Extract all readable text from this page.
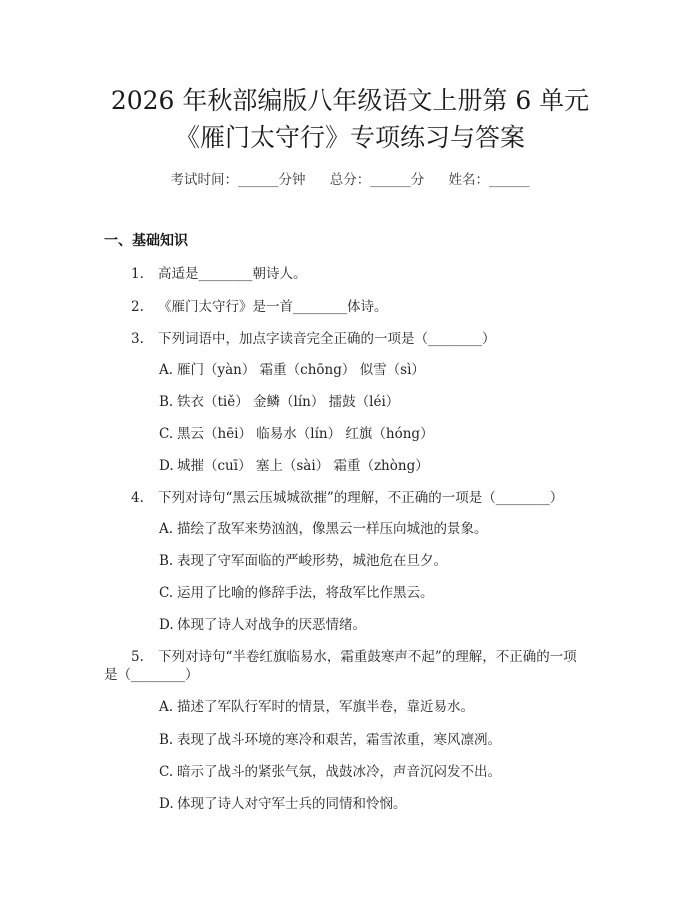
2026 年秋部编版八年级语文上册第 6 单元
《雁门太守行》专项练习与答案
考试时间：______分钟 总分：______分 姓名：______
一、基础知识
1. 高适是________朝诗人。
2. 《雁门太守行》是一首________体诗。
3. 下列词语中，加点字读音完全正确的一项是（________）
A. 雁门（yàn） 霜重（chōng） 似雪（sì）
B. 铁衣（tiě） 金鳞（lín） 擂鼓（léi）
C. 黑云（hēi） 临易水（lín） 红旗（hóng）
D. 城摧（cuī） 塞上（sài） 霜重（zhòng）
4. 下列对诗句“黑云压城城欲摧”的理解，不正确的一项是（________）
A. 描绘了敌军来势汹汹，像黑云一样压向城池的景象。
B. 表现了守军面临的严峻形势，城池危在旦夕。
C. 运用了比喻的修辞手法，将敌军比作黑云。
D. 体现了诗人对战争的厌恶情绪。
5. 下列对诗句“半卷红旗临易水，霜重鼓寒声不起”的理解，不正确的一项
是（________）
A. 描述了军队行军时的情景，军旗半卷，靠近易水。
B. 表现了战斗环境的寒冷和艰苦，霜雪浓重，寒风凛冽。
C. 暗示了战斗的紧张气氛，战鼓冰冷，声音沉闷发不出。
D. 体现了诗人对守军士兵的同情和怜悯。
